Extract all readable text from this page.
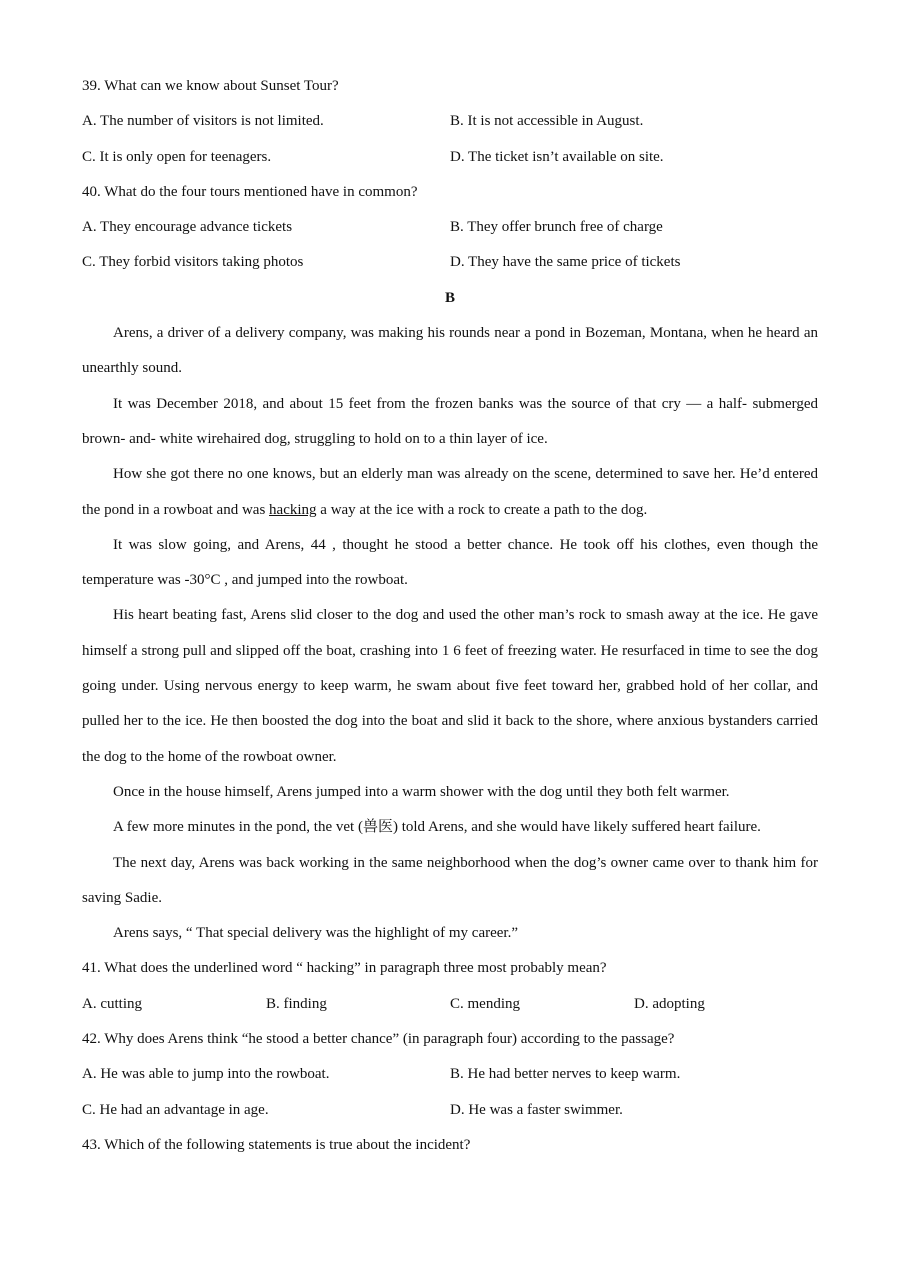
39. What can we know about Sunset Tour?
A. The number of visitors is not limited.	B. It is not accessible in August.
C. It is only open for teenagers.	D. The ticket isn’t available on site.
40. What do the four tours mentioned have in common?
A. They encourage advance tickets	B. They offer brunch free of charge
C. They forbid visitors taking photos	D. They have the same price of tickets
B

Arens, a driver of a delivery company, was making his rounds near a pond in Bozeman, Montana, when he heard an unearthly sound.

It was December 2018, and about 15 feet from the frozen banks was the source of that cry — a half- submerged brown- and- white wirehaired dog, struggling to hold on to a thin layer of ice.

How she got there no one knows, but an elderly man was already on the scene, determined to save her. He’d entered the pond in a rowboat and was hacking a way at the ice with a rock to create a path to the dog.

It was slow going, and Arens, 44 , thought he stood a better chance. He took off his clothes, even though the temperature was -30°C , and jumped into the rowboat.

His heart beating fast, Arens slid closer to the dog and used the other man’s rock to smash away at the ice. He gave himself a strong pull and slipped off the boat, crashing into 1 6 feet of freezing water. He resurfaced in time to see the dog going under. Using nervous energy to keep warm, he swam about five feet toward her, grabbed hold of her collar, and pulled her to the ice. He then boosted the dog into the boat and slid it back to the shore, where anxious bystanders carried the dog to the home of the rowboat owner.

Once in the house himself, Arens jumped into a warm shower with the dog until they both felt warmer.

A few more minutes in the pond, the vet (兽医) told Arens, and she would have likely suffered heart failure.

The next day, Arens was back working in the same neighborhood when the dog’s owner came over to thank him for saving Sadie.

Arens says, “ That special delivery was the highlight of my career.”

41. What does the underlined word “ hacking” in paragraph three most probably mean?
A. cutting	B. finding	C. mending	D. adopting
42. Why does Arens think “he stood a better chance” (in paragraph four) according to the passage?
A. He was able to jump into the rowboat.	B. He had better nerves to keep warm.
C. He had an advantage in age.	D. He was a faster swimmer.
43. Which of the following statements is true about the incident?
